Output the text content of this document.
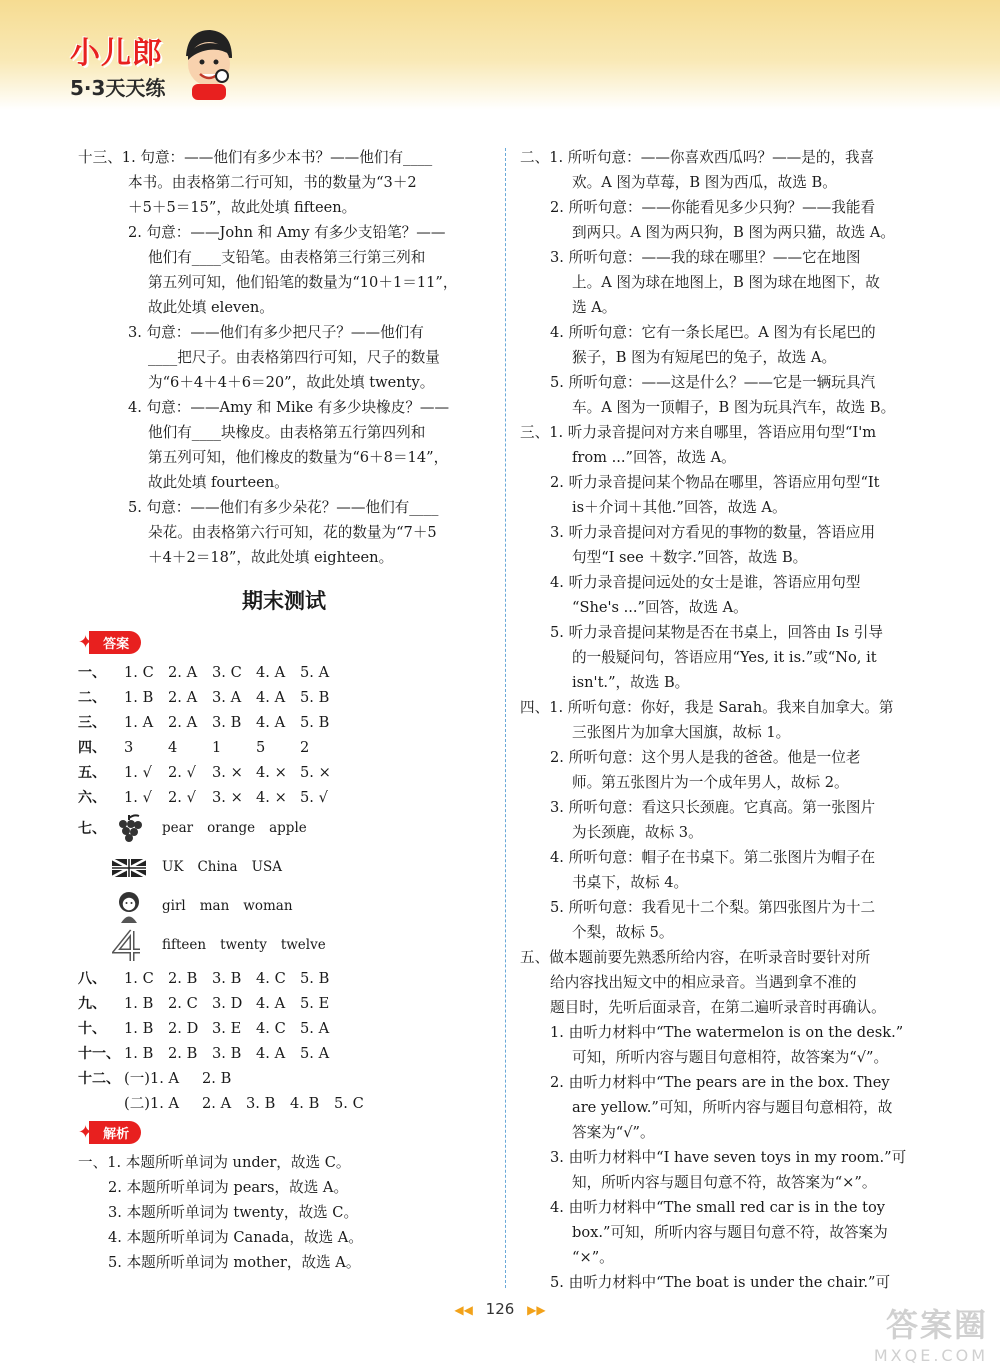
小儿郎
5·3天天练
十三、1. 句意：——他们有多少本书？——他们有____
本书。由表格第二行可知，书的数量为“3＋2
＋5＋5＝15”，故此处填 fifteen。
2. 句意：——John 和 Amy 有多少支铅笔？——
他们有____支铅笔。由表格第三行第三列和
第五列可知，他们铅笔的数量为“10＋1＝11”，
故此处填 eleven。
3. 句意：——他们有多少把尺子？——他们有
____把尺子。由表格第四行可知，尺子的数量
为“6＋4＋4＋6＝20”，故此处填 twenty。
4. 句意：——Amy 和 Mike 有多少块橡皮？——
他们有____块橡皮。由表格第五行第四列和
第五列可知，他们橡皮的数量为“6＋8＝14”，
故此处填 fourteen。
5. 句意：——他们有多少朵花？——他们有____
朵花。由表格第六行可知，花的数量为“7＋5
＋4＋2＝18”，故此处填 eighteen。
期末测试
✦ 答案
一、 1. C 2. A 3. C 4. A 5. A
二、 1. B 2. A 3. A 4. A 5. B
三、 1. A 2. A 3. B 4. A 5. B
四、 3 4 1 5 2
五、 1. √ 2. √ 3. × 4. × 5. ×
六、 1. √ 2. √ 3. × 4. × 5. √
七、	pear orange apple
UK China USA
girl man woman
fifteen twenty twelve
八、 1. C 2. B 3. B 4. C 5. B
九、 1. B 2. C 3. D 4. A 5. E
十、 1. B 2. D 3. E 4. C 5. A
十一、 1. B 2. B 3. B 4. A 5. A
十二、 (一)1. A 2. B
(二)1. A 2. A 3. B 4. B 5. C
✦ 解析
一、1. 本题所听单词为 under，故选 C。
2. 本题所听单词为 pears，故选 A。
3. 本题所听单词为 twenty，故选 C。
4. 本题所听单词为 Canada，故选 A。
5. 本题所听单词为 mother，故选 A。
二、1. 所听句意：——你喜欢西瓜吗？——是的，我喜
欢。A 图为草莓，B 图为西瓜，故选 B。
2. 所听句意：——你能看见多少只狗？——我能看
到两只。A 图为两只狗，B 图为两只猫，故选 A。
3. 所听句意：——我的球在哪里？——它在地图
上。A 图为球在地图上，B 图为球在地图下，故
选 A。
4. 所听句意：它有一条长尾巴。A 图为有长尾巴的
猴子，B 图为有短尾巴的兔子，故选 A。
5. 所听句意：——这是什么？——它是一辆玩具汽
车。A 图为一顶帽子，B 图为玩具汽车，故选 B。
三、1. 听力录音提问对方来自哪里，答语应用句型“I'm
from ...”回答，故选 A。
2. 听力录音提问某个物品在哪里，答语应用句型“It
is＋介词＋其他.”回答，故选 A。
3. 听力录音提问对方看见的事物的数量，答语应用
句型“I see ＋数字.”回答，故选 B。
4. 听力录音提问远处的女士是谁，答语应用句型
“She's ...”回答，故选 A。
5. 听力录音提问某物是否在书桌上，回答由 Is 引导
的一般疑问句，答语应用“Yes, it is.”或“No, it
isn't.”，故选 B。
四、1. 所听句意：你好，我是 Sarah。我来自加拿大。第
三张图片为加拿大国旗，故标 1。
2. 所听句意：这个男人是我的爸爸。他是一位老
师。第五张图片为一个成年男人，故标 2。
3. 所听句意：看这只长颈鹿。它真高。第一张图片
为长颈鹿，故标 3。
4. 所听句意：帽子在书桌下。第二张图片为帽子在
书桌下，故标 4。
5. 所听句意：我看见十二个梨。第四张图片为十二
个梨，故标 5。
五、做本题前要先熟悉所给内容，在听录音时要针对所
给内容找出短文中的相应录音。当遇到拿不准的
题目时，先听后面录音，在第二遍听录音时再确认。
1. 由听力材料中“The watermelon is on the desk.”
可知，所听内容与题目句意相符，故答案为“√”。
2. 由听力材料中“The pears are in the box. They
are yellow.”可知，所听内容与题目句意相符，故
答案为“√”。
3. 由听力材料中“I have seven toys in my room.”可
知，所听内容与题目句意不符，故答案为“×”。
4. 由听力材料中“The small red car is in the toy
box.”可知，所听内容与题目句意不符，故答案为
“×”。
5. 由听力材料中“The boat is under the chair.”可
◀◀ 126 ▶▶	答案圈
MXQE.COM
